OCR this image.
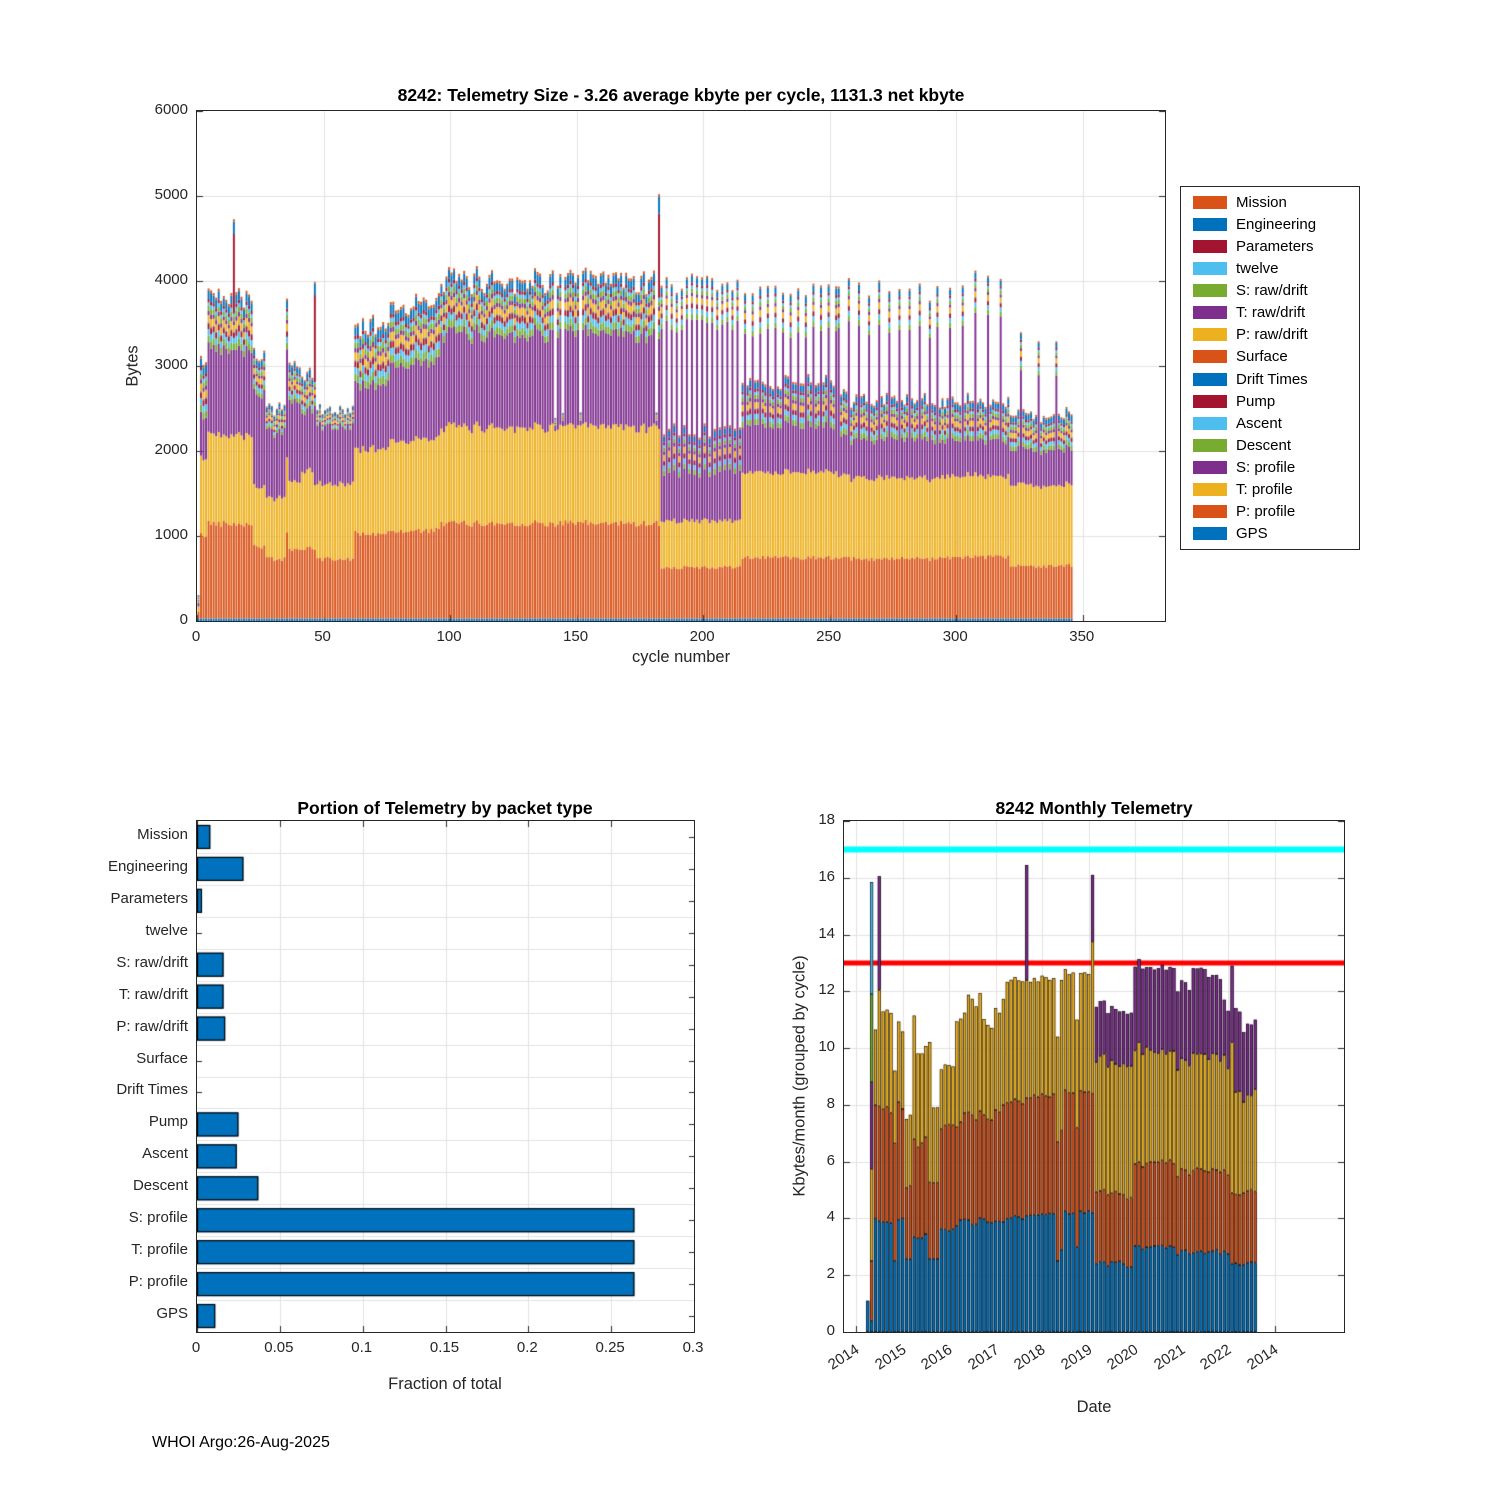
8242: Telemetry Size - 3.26 average kbyte per cycle, 1131.3 net kbyte
Bytes
cycle number
0
1000
2000
3000
4000
5000
6000
0	50	100	150	200	250	300	350
Mission
Engineering
Parameters
twelve
S: raw/drift
T: raw/drift
P: raw/drift
Surface
Drift Times
Pump
Ascent
Descent
S: profile
T: profile
P: profile
GPS
Portion of Telemetry by packet type
Fraction of total
Mission
Engineering
Parameters
twelve
S: raw/drift
T: raw/drift
P: raw/drift
Surface
Drift Times
Pump
Ascent
Descent
S: profile
T: profile
P: profile
GPS
0	0.05	0.1	0.15	0.2	0.25	0.3
8242 Monthly Telemetry
Kbytes/month (grouped by cycle)
Date
0
2
4
6
8
10
12
14
16
18
2014 2015 2016 2017 2018 2019 2020 2021 2022 2014
WHOI Argo:26-Aug-2025
